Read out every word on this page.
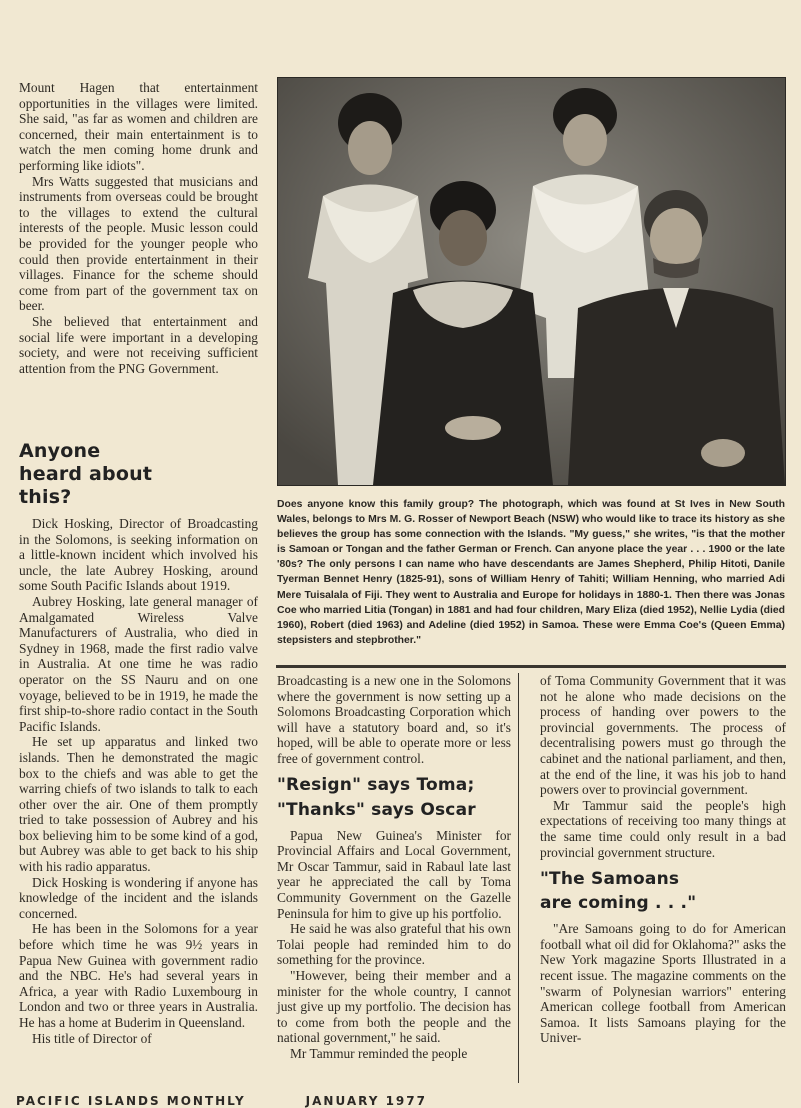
Mount Hagen that entertainment opportunities in the villages were limited. She said, "as far as women and children are concerned, their main entertainment is to watch the men coming home drunk and performing like idiots".

Mrs Watts suggested that musicians and instruments from overseas could be brought to the villages to extend the cultural interests of the people. Music lesson could be provided for the younger people who could then provide entertainment in their villages. Finance for the scheme should come from part of the government tax on beer.

She believed that entertainment and social life were important in a developing society, and were not receiving sufficient attention from the PNG Government.

Anyone heard about this?

Dick Hosking, Director of Broadcasting in the Solomons, is seeking information on a little-known incident which involved his uncle, the late Aubrey Hosking, around some South Pacific Islands about 1919.

Aubrey Hosking, late general manager of Amalgamated Wireless Valve Manufacturers of Australia, who died in Sydney in 1968, made the first radio valve in Australia. At one time he was radio operator on the SS Nauru and on one voyage, believed to be in 1919, he made the first ship-to-shore radio contact in the South Pacific Islands.

He set up apparatus and linked two islands. Then he demonstrated the magic box to the chiefs and was able to get the warring chiefs of two islands to talk to each other over the air. One of them promptly tried to take possession of Aubrey and his box believing him to be some kind of a god, but Aubrey was able to get back to his ship with his radio apparatus.

Dick Hosking is wondering if anyone has knowledge of the incident and the islands concerned.

He has been in the Solomons for a year before which time he was 9½ years in Papua New Guinea with government radio and the NBC. He's had several years in Africa, a year with Radio Luxembourg in London and two or three years in Australia. He has a home at Buderim in Queensland.

His title of Director of

Does anyone know this family group? The photograph, which was found at St Ives in New South Wales, belongs to Mrs M. G. Rosser of Newport Beach (NSW) who would like to trace its history as she believes the group has some connection with the Islands. "My guess," she writes, "is that the mother is Samoan or Tongan and the father German or French. Can anyone place the year . . . 1900 or the late '80s? The only persons I can name who have descendants are James Shepherd, Philip Hitoti, Danile Tyerman Bennet Henry (1825-91), sons of William Henry of Tahiti; William Henning, who married Adi Mere Tuisalala of Fiji. They went to Australia and Europe for holidays in 1880-1. Then there was Jonas Coe who married Litia (Tongan) in 1881 and had four children, Mary Eliza (died 1952), Nellie Lydia (died 1960), Robert (died 1963) and Adeline (died 1952) in Samoa. These were Emma Coe's (Queen Emma) stepsisters and stepbrother."

Broadcasting is a new one in the Solomons where the government is now setting up a Solomons Broadcasting Corporation which will have a statutory board and, so it's hoped, will be able to operate more or less free of government control.

"Resign" says Toma; "Thanks" says Oscar

Papua New Guinea's Minister for Provincial Affairs and Local Government, Mr Oscar Tammur, said in Rabaul late last year he appreciated the call by Toma Community Government on the Gazelle Peninsula for him to give up his portfolio.

He said he was also grateful that his own Tolai people had reminded him to do something for the province.

"However, being their member and a minister for the whole country, I cannot just give up my portfolio. The decision has to come from both the people and the national government," he said.

Mr Tammur reminded the people

of Toma Community Government that it was not he alone who made decisions on the process of handing over powers to the provincial governments. The process of decentralising powers must go through the cabinet and the national parliament, and then, at the end of the line, it was his job to hand powers over to provincial government.

Mr Tammur said the people's high expectations of receiving too many things at the same time could only result in a bad provincial government structure.

"The Samoans are coming . . ."

"Are Samoans going to do for American football what oil did for Oklahoma?" asks the New York magazine Sports Illustrated in a recent issue. The magazine comments on the "swarm of Polynesian warriors" entering American college football from American Samoa. It lists Samoans playing for the Univer-

PACIFIC ISLANDS MONTHLY	JANUARY 1977
